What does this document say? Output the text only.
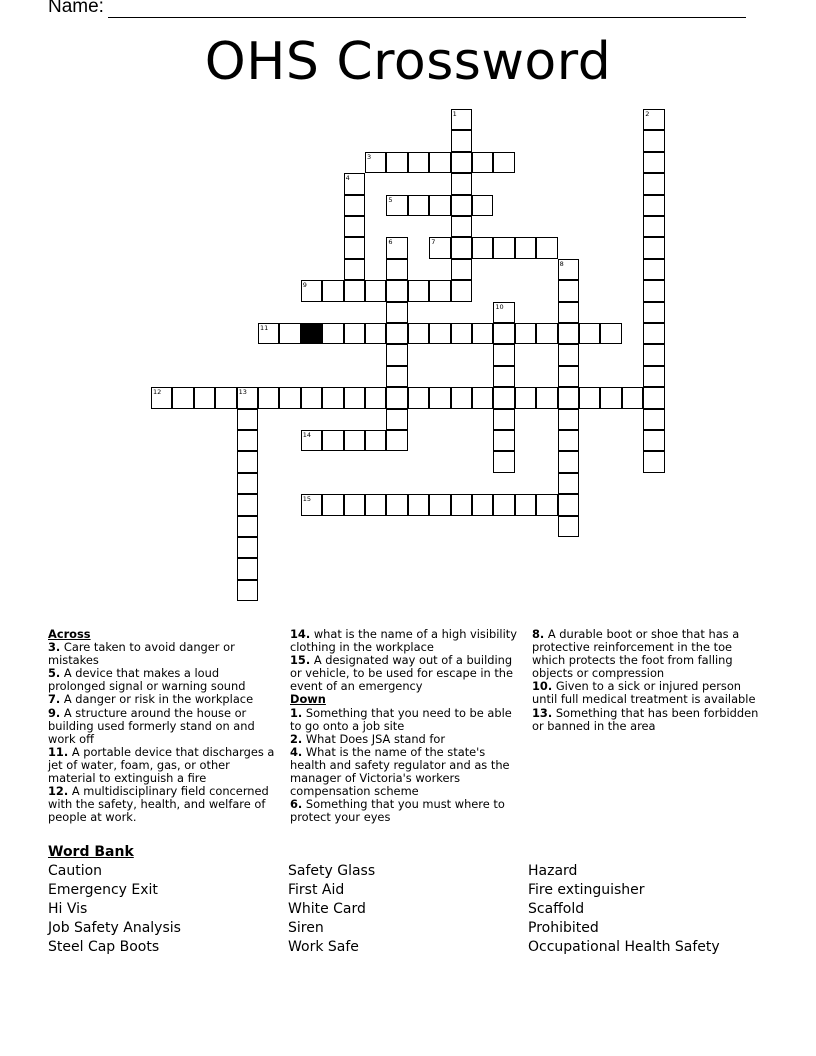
Name:
OHS Crossword
1	2
3
4
5
6	7
8
9
10
11
12	13
14
15
Across
3. Care taken to avoid danger or mistakes
5. A device that makes a loud prolonged signal or warning sound
7. A danger or risk in the workplace
9. A structure around the house or building used formerly stand on and work off
11. A portable device that discharges a jet of water, foam, gas, or other material to extinguish a fire
12. A multidisciplinary field concerned with the safety, health, and welfare of people at work.
14. what is the name of a high visibility clothing in the workplace
15. A designated way out of a building or vehicle, to be used for escape in the event of an emergency
Down
1. Something that you need to be able to go onto a job site
2. What Does JSA stand for
4. What is the name of the state's health and safety regulator and as the manager of Victoria's workers compensation scheme
6. Something that you must where to protect your eyes
8. A durable boot or shoe that has a protective reinforcement in the toe which protects the foot from falling objects or compression
10. Given to a sick or injured person until full medical treatment is available
13. Something that has been forbidden or banned in the area
Word Bank
Caution
Emergency Exit
Hi Vis
Job Safety Analysis
Steel Cap Boots
Safety Glass
First Aid
White Card
Siren
Work Safe
Hazard
Fire extinguisher
Scaffold
Prohibited
Occupational Health Safety
